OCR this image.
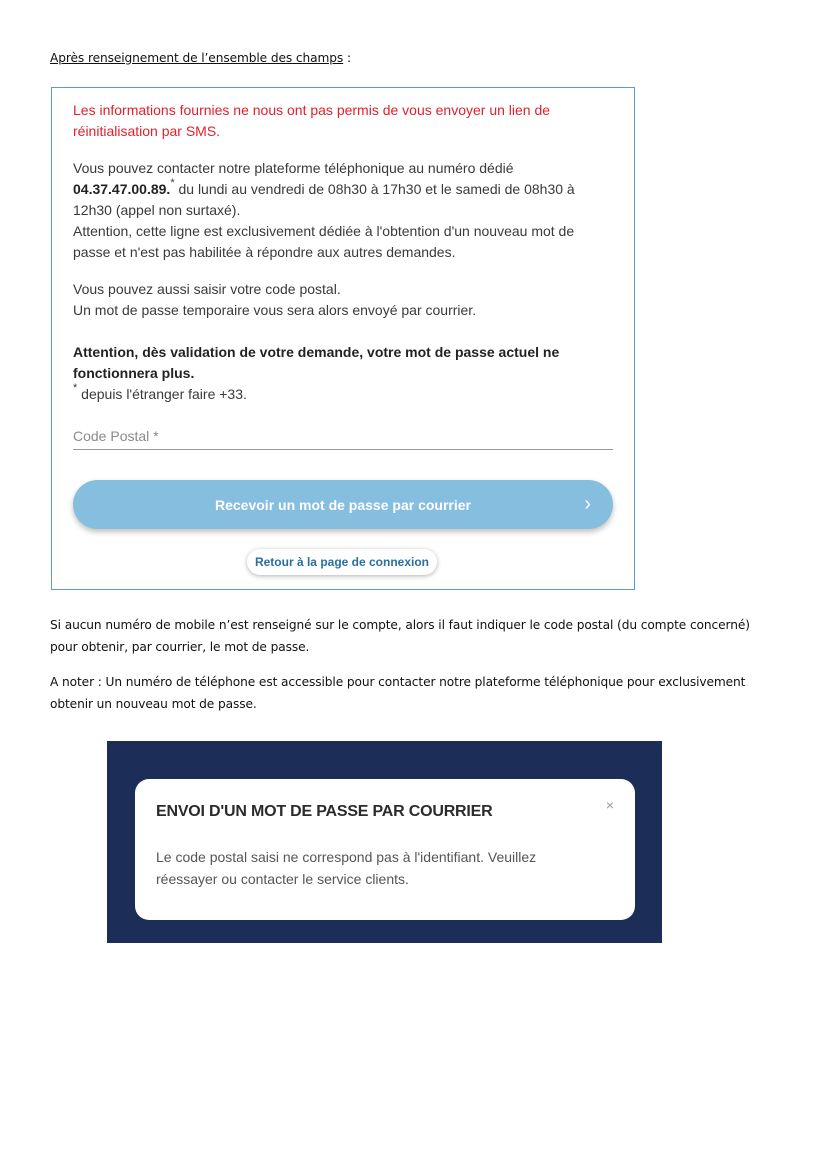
Après renseignement de l’ensemble des champs :

Les informations fournies ne nous ont pas permis de vous envoyer un lien de réinitialisation par SMS.

Vous pouvez contacter notre plateforme téléphonique au numéro dédié 04.37.47.00.89.* du lundi au vendredi de 08h30 à 17h30 et le samedi de 08h30 à 12h30 (appel non surtaxé).
Attention, cette ligne est exclusivement dédiée à l'obtention d'un nouveau mot de passe et n'est pas habilitée à répondre aux autres demandes.

Vous pouvez aussi saisir votre code postal.
Un mot de passe temporaire vous sera alors envoyé par courrier.

Attention, dès validation de votre demande, votre mot de passe actuel ne fonctionnera plus.
* depuis l'étranger faire +33.

Code Postal *
Recevoir un mot de passe par courrier	›
Retour à la page de connexion

Si aucun numéro de mobile n’est renseigné sur le compte, alors il faut indiquer le code postal (du compte concerné) pour obtenir, par courrier, le mot de passe.

A noter : Un numéro de téléphone est accessible pour contacter notre plateforme téléphonique pour exclusivement obtenir un nouveau mot de passe.

ENVOI D'UN MOT DE PASSE PAR COURRIER	×
Le code postal saisi ne correspond pas à l'identifiant. Veuillez réessayer ou contacter le service clients.
